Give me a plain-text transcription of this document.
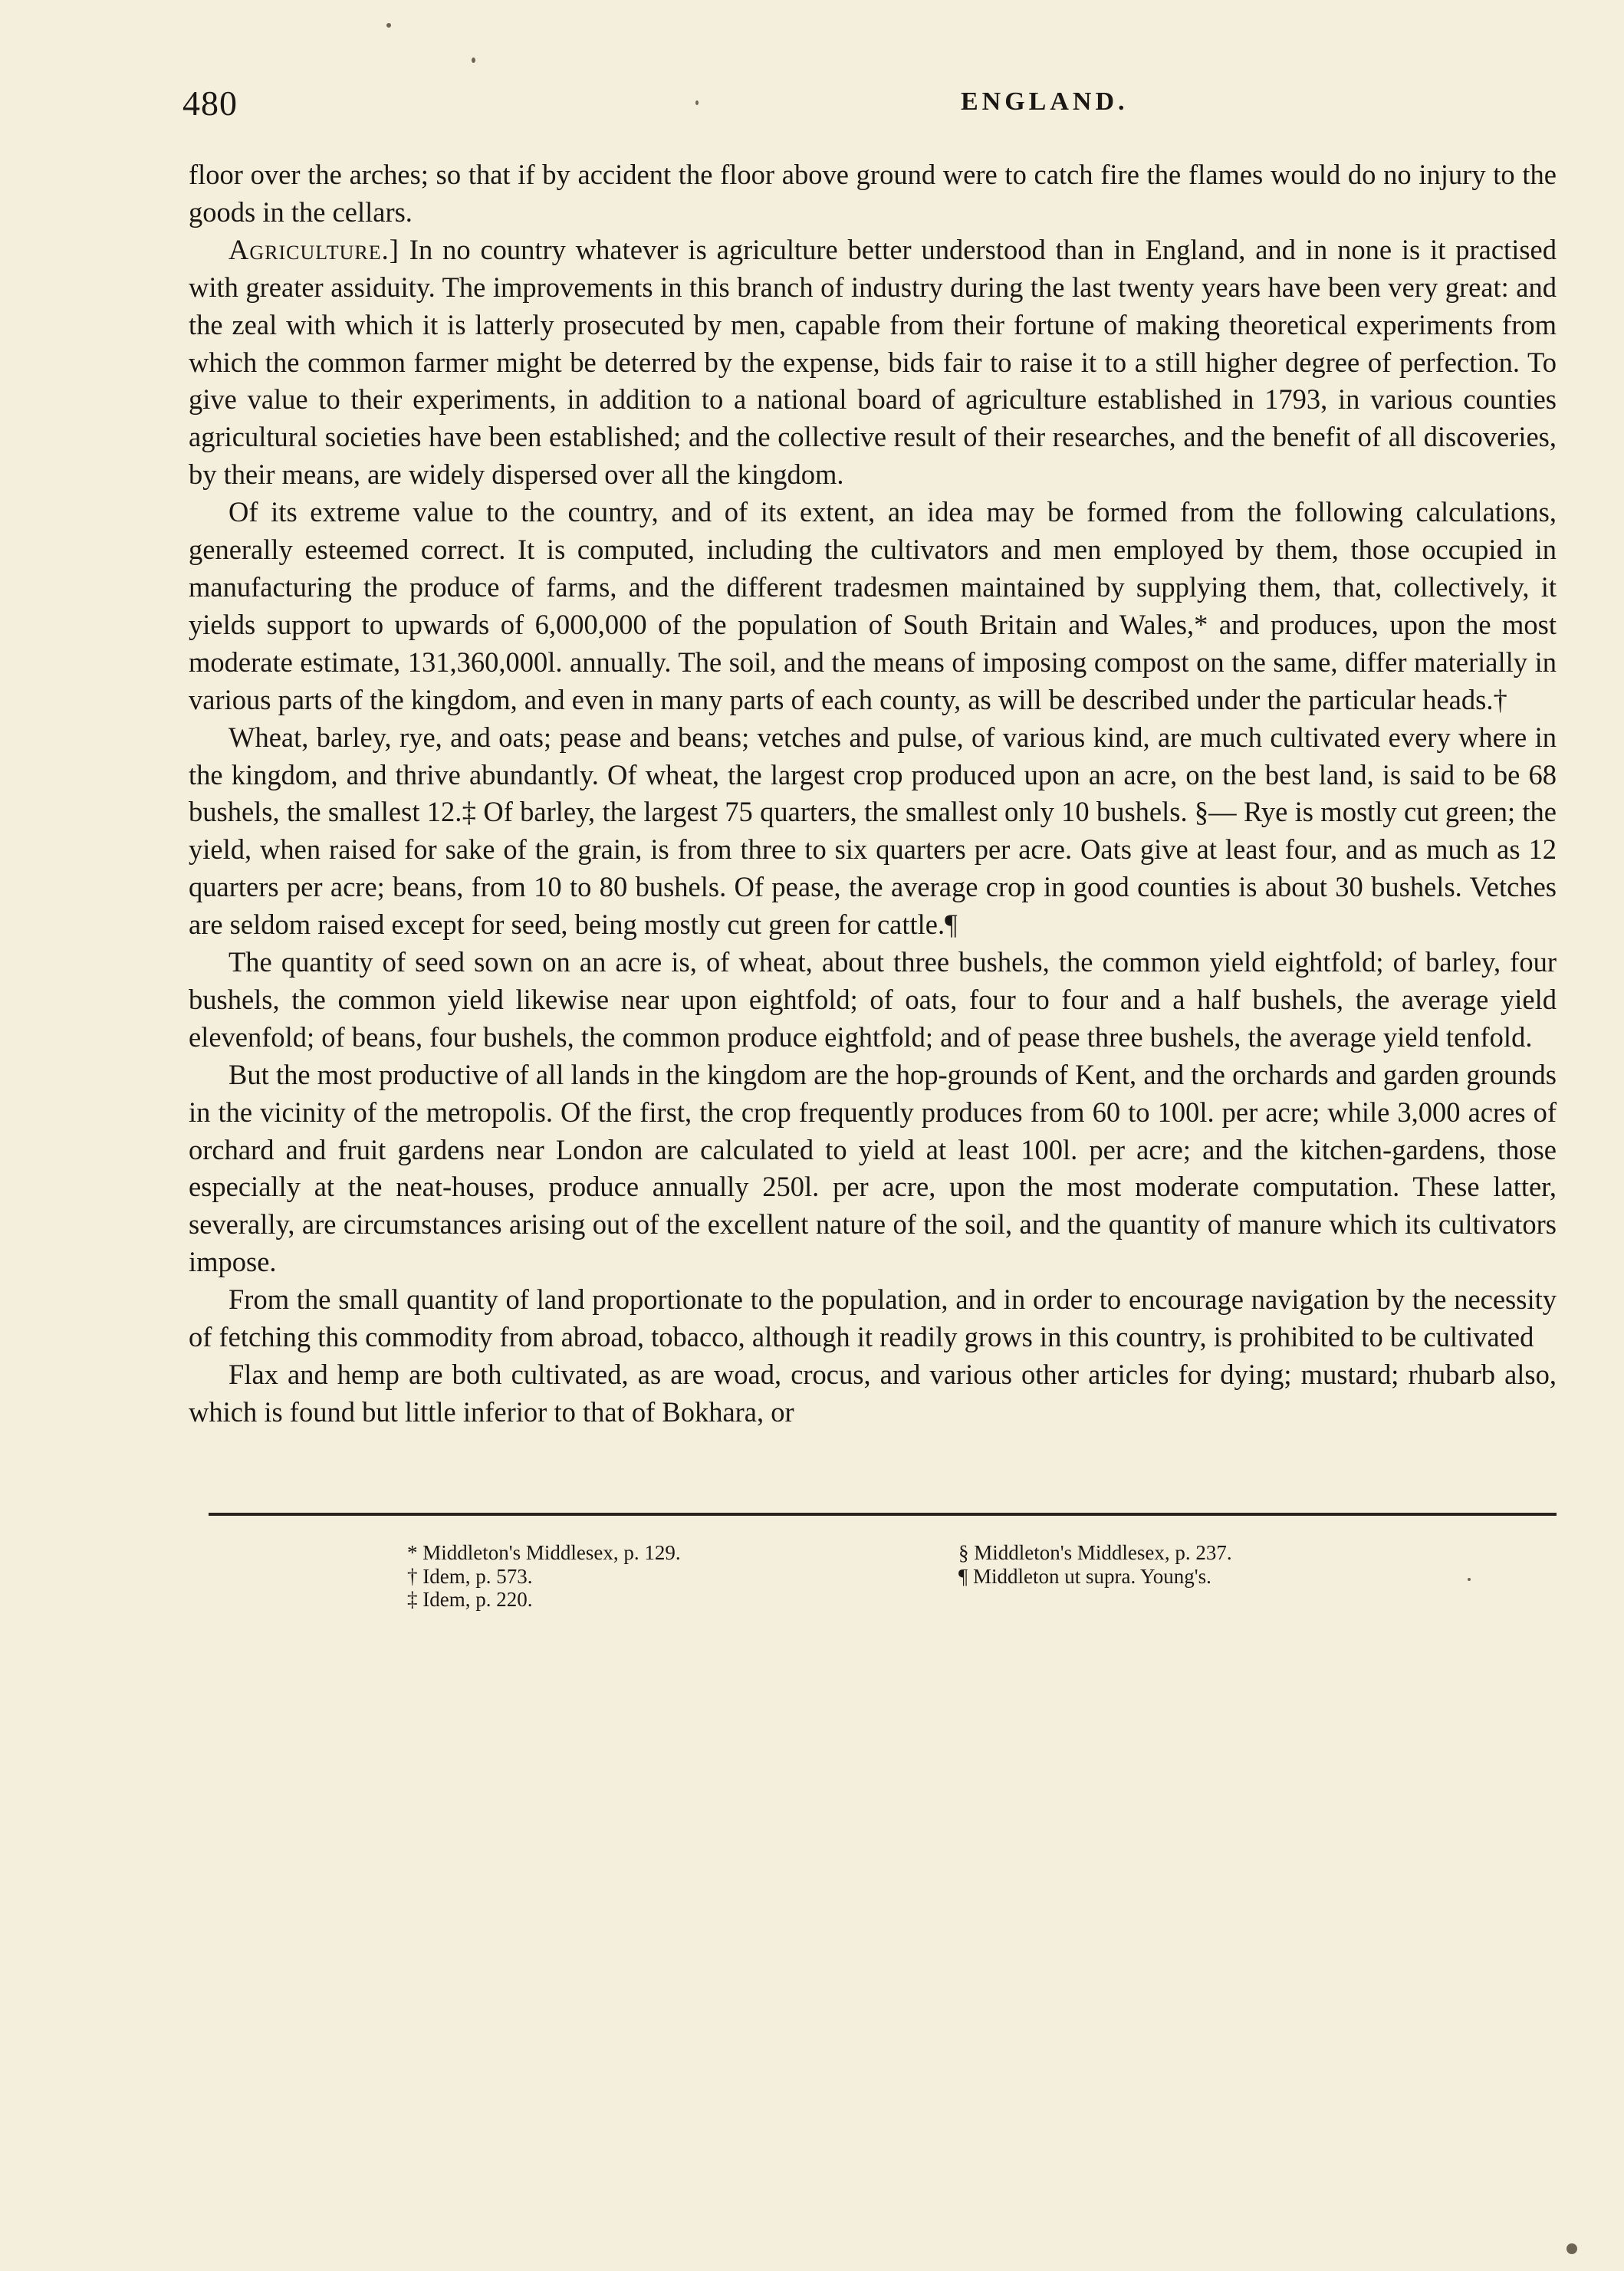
480	ENGLAND.

floor over the arches; so that if by accident the floor above ground were to catch fire the flames would do no injury to the goods in the cellars.

Agriculture.] In no country whatever is agriculture better understood than in England, and in none is it practised with greater assiduity. The improvements in this branch of industry during the last twenty years have been very great: and the zeal with which it is latterly prosecuted by men, capable from their fortune of making theoretical experiments from which the common farmer might be deterred by the expense, bids fair to raise it to a still higher degree of perfection. To give value to their experiments, in addition to a national board of agriculture established in 1793, in various counties agricultural societies have been established; and the collective result of their researches, and the benefit of all discoveries, by their means, are widely dispersed over all the kingdom.

Of its extreme value to the country, and of its extent, an idea may be formed from the following calculations, generally esteemed correct. It is computed, including the cultivators and men employed by them, those occupied in manufacturing the produce of farms, and the different tradesmen maintained by supplying them, that, collectively, it yields support to upwards of 6,000,000 of the population of South Britain and Wales,* and produces, upon the most moderate estimate, 131,360,000l. annually. The soil, and the means of imposing compost on the same, differ materially in various parts of the kingdom, and even in many parts of each county, as will be described under the particular heads.†

Wheat, barley, rye, and oats; pease and beans; vetches and pulse, of various kind, are much cultivated every where in the kingdom, and thrive abundantly. Of wheat, the largest crop produced upon an acre, on the best land, is said to be 68 bushels, the smallest 12.‡ Of barley, the largest 75 quarters, the smallest only 10 bushels. §— Rye is mostly cut green; the yield, when raised for sake of the grain, is from three to six quarters per acre. Oats give at least four, and as much as 12 quarters per acre; beans, from 10 to 80 bushels. Of pease, the average crop in good counties is about 30 bushels. Vetches are seldom raised except for seed, being mostly cut green for cattle.¶

The quantity of seed sown on an acre is, of wheat, about three bushels, the common yield eightfold; of barley, four bushels, the common yield likewise near upon eightfold; of oats, four to four and a half bushels, the average yield elevenfold; of beans, four bushels, the common produce eightfold; and of pease three bushels, the average yield tenfold.

But the most productive of all lands in the kingdom are the hop-grounds of Kent, and the orchards and garden grounds in the vicinity of the metropolis. Of the first, the crop frequently produces from 60 to 100l. per acre; while 3,000 acres of orchard and fruit gardens near London are calculated to yield at least 100l. per acre; and the kitchen-gardens, those especially at the neat-houses, produce annually 250l. per acre, upon the most moderate computation. These latter, severally, are circumstances arising out of the excellent nature of the soil, and the quantity of manure which its cultivators impose.

From the small quantity of land proportionate to the population, and in order to encourage navigation by the necessity of fetching this commodity from abroad, tobacco, although it readily grows in this country, is prohibited to be cultivated

Flax and hemp are both cultivated, as are woad, crocus, and various other articles for dying; mustard; rhubarb also, which is found but little inferior to that of Bokhara, or

* Middleton's Middlesex, p. 129.
† Idem, p. 573.
‡ Idem, p. 220.
§ Middleton's Middlesex, p. 237.
¶ Middleton ut supra. Young's.
